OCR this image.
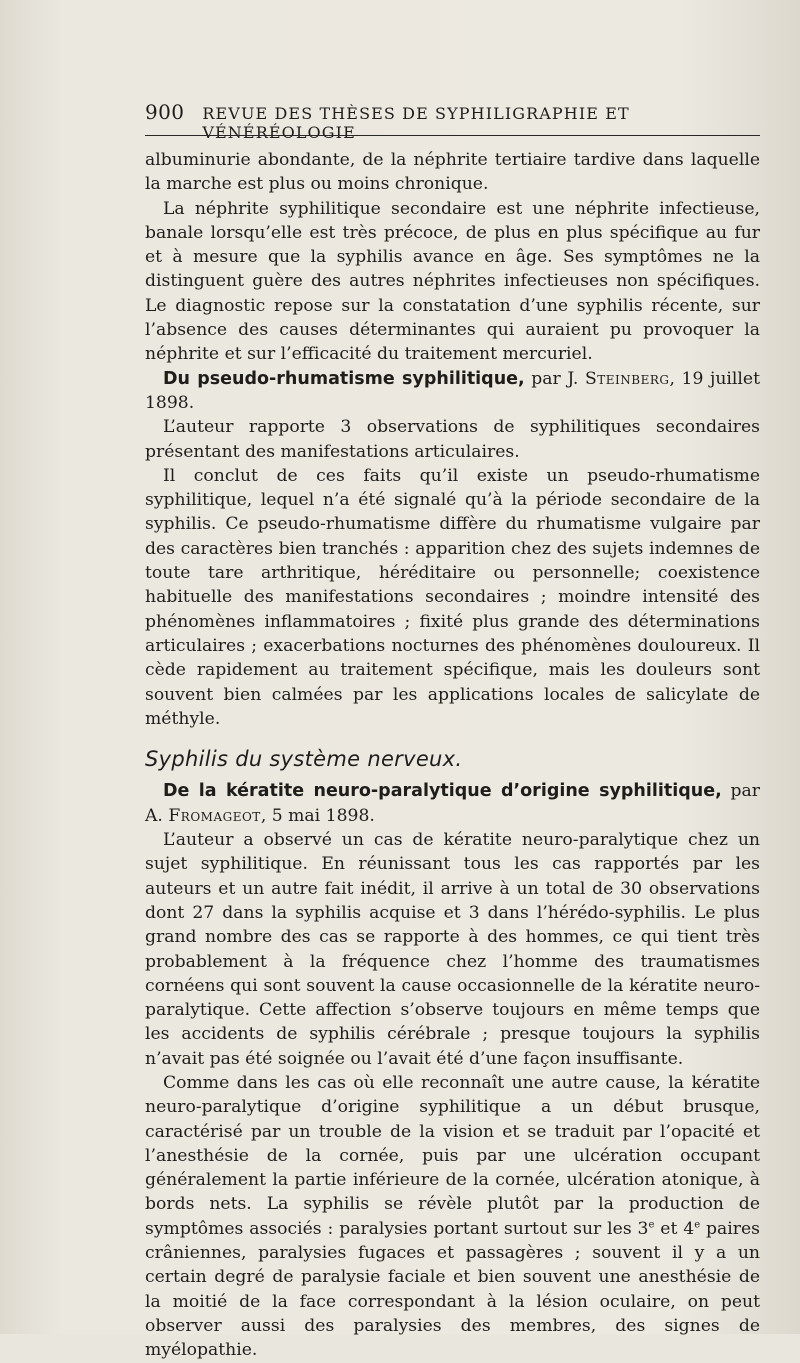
900 REVUE DES THÈSES DE SYPHILIGRAPHIE ET VÉNÉRÉOLOGIE

albuminurie abondante, de la néphrite tertiaire tardive dans laquelle la marche est plus ou moins chronique.

La néphrite syphilitique secondaire est une néphrite infectieuse, banale lorsqu’elle est très précoce, de plus en plus spécifique au fur et à mesure que la syphilis avance en âge. Ses symptômes ne la distinguent guère des autres néphrites infectieuses non spécifiques. Le diagnostic repose sur la constatation d’une syphilis récente, sur l’absence des causes déterminantes qui auraient pu provoquer la néphrite et sur l’efficacité du traitement mercuriel.

Du pseudo-rhumatisme syphilitique, par J. Steinberg, 19 juillet 1898.

L’auteur rapporte 3 observations de syphilitiques secondaires présentant des manifestations articulaires.

Il conclut de ces faits qu’il existe un pseudo-rhumatisme syphilitique, lequel n’a été signalé qu’à la période secondaire de la syphilis. Ce pseudo-rhumatisme diffère du rhumatisme vulgaire par des caractères bien tranchés : apparition chez des sujets indemnes de toute tare arthritique, héréditaire ou personnelle; coexistence habituelle des manifestations secondaires ; moindre intensité des phénomènes inflammatoires ; fixité plus grande des déterminations articulaires ; exacerbations nocturnes des phénomènes douloureux. Il cède rapidement au traitement spécifique, mais les douleurs sont souvent bien calmées par les applications locales de salicylate de méthyle.

Syphilis du système nerveux.

De la kératite neuro-paralytique d’origine syphilitique, par A. Fromageot, 5 mai 1898.

L’auteur a observé un cas de kératite neuro-paralytique chez un sujet syphilitique. En réunissant tous les cas rapportés par les auteurs et un autre fait inédit, il arrive à un total de 30 observations dont 27 dans la syphilis acquise et 3 dans l’hérédo-syphilis. Le plus grand nombre des cas se rapporte à des hommes, ce qui tient très probablement à la fréquence chez l’homme des traumatismes cornéens qui sont souvent la cause occasionnelle de la kératite neuro-paralytique. Cette affection s’observe toujours en même temps que les accidents de syphilis cérébrale ; presque toujours la syphilis n’avait pas été soignée ou l’avait été d’une façon insuffisante.

Comme dans les cas où elle reconnaît une autre cause, la kératite neuro-paralytique d’origine syphilitique a un début brusque, caractérisé par un trouble de la vision et se traduit par l’opacité et l’anesthésie de la cornée, puis par une ulcération occupant généralement la partie inférieure de la cornée, ulcération atonique, à bords nets. La syphilis se révèle plutôt par la production de symptômes associés : paralysies portant surtout sur les 3e et 4e paires crâniennes, paralysies fugaces et passagères ; souvent il y a un certain degré de paralysie faciale et bien souvent une anesthésie de la moitié de la face correspondant à la lésion oculaire, on peut observer aussi des paralysies des membres, des signes de myélopathie.
